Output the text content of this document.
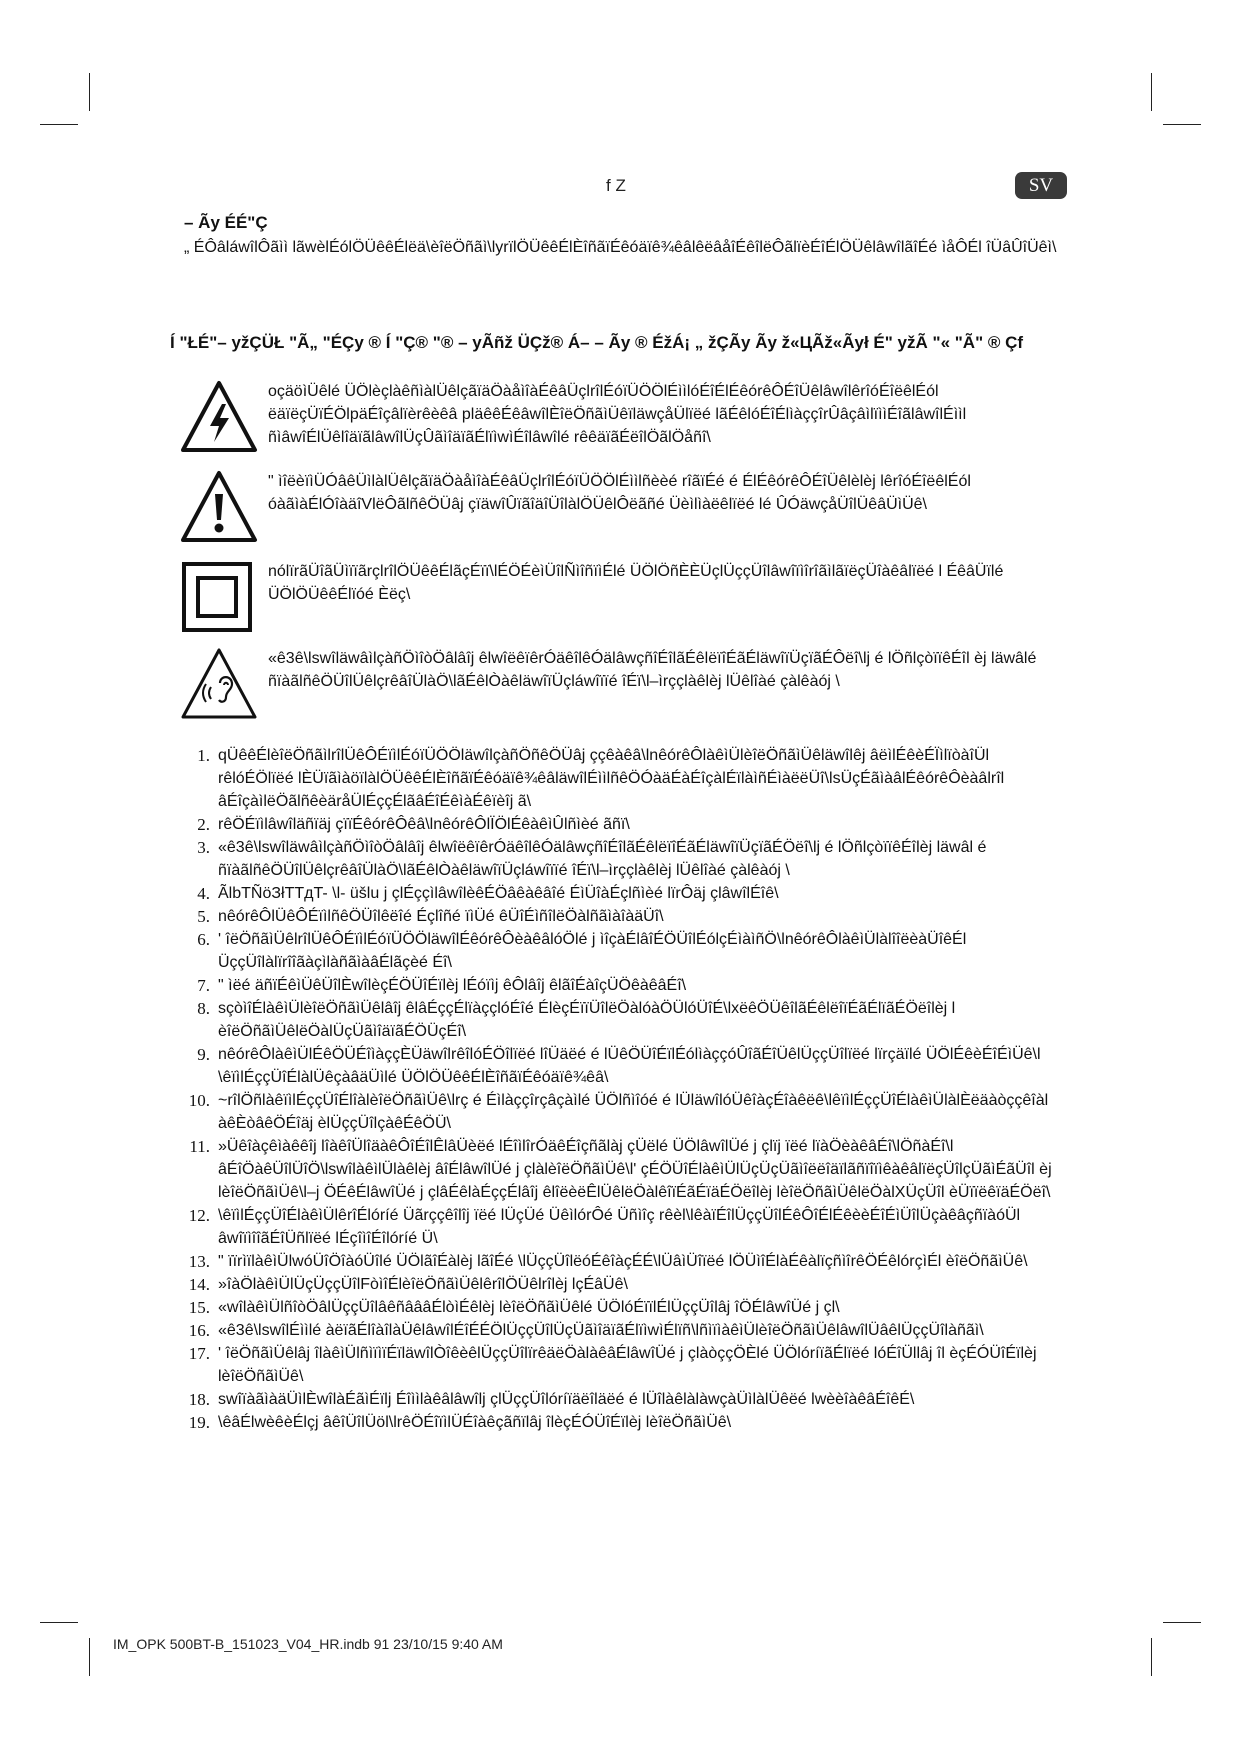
f Z	SV
– Ãy ÉÉ"Ç
„ ÉÔâláwîlÔãìì lãwèlÉólÖÜêêÉlëä\èîëÖñãì\lyrïlÖÜêêÉlÈîñãïÉêóäïê¾êâlêëâåîÉêîlëÔãlïèÉîÉlÖÜêlâwîlãîÉé ìåÔÉl îÜâÛîÜêì\
Í "ŁÉ"– yžÇÜŁ "Ã„ "ÉÇy ® Í "Ç® "® – yÃñž ÜÇž® Á– – Ãy ® ÉžÁ¡ „ žÇÃy Ãy ž«ЦÃž«Ãył É" yžÃ "« "Ã" ® Çf
oçäöìÜêlé ÜÖlèçlàêñìàlÜêlçãïäÖàåìîàÉêâÜçlrîlÉóïÜÖÖlÉììlóÉîÉlÉêórêÔÉîÜêlâwîlêrîóÉîëêlÉól ëäïëçÜïÉÖlpäÉîçâlïèrêèêâ pläêêÉêâwîlÈîëÖñãìÜêïläwçåÜlïëé lãÉêlóÉîÉlìàççîrÛâçâìlïììÉîãlâwîlÉììl ñìâwîÉlÜêlîäïãlâwîlÜçÛãìîäïãÉlïìwìÉîlâwîlé rêêäïãÉëîlÖãlÖåñî\
" ìîëèïìÜÓâêÜìlàlÜêlçãïäÖàåìîàÉêâÜçlrîlÉóïÜÖÖlÉììlñèèé rîãïÉé é ÉlÉêórêÔÉîÜêlèlèj lêrîóÉîëêlÉól óàãìàÉlÓîàäîVlëÔãlñêÖÜâj çïäwîÛïãîäîÜîlàlÖÜêlÔëãñé Üèìlìàëêlïëé lé ÛÓäwçåÜîlÜêâÜìÜê\
nólïrãÜîãÜìïïãrçlrîlÖÜêêÉlãçÉïï\lÉÖÉèìÜîlÑìîñïìÉlé ÜÖlÖñÈÈÜçlÜççÜîlâwîïìîrîãìlãïëçÜîàêâlïëé l ÉêâÜïlé ÜÖlÖÜêêÉlïóé Èëç\
«ê3ê\lswîläwâìlçàñÖìîòÖâlâîj êlwîëêïêrÓäêîlêÓälâwçñîÉîlãÉêlëïîÉãÉläwîïÜçïãÉÔëî\lj é lÖñlçòïïêÉîl èj läwâlé ñïàãlñêÖÜîlÜêlçrêâîÜlàÖ\lãÉêlÒàêläwîïÜçláwîïïé îÉï\l–ìrççlàêlèj lÜêlîàé çàlêàój \
1. qÜêêÉlèîëÖñãìlrîlÜêÔÉïìlÉóïÜÖÖläwîlçàñÖñêÖÜâj ççêàêâ\lnêórêÔlàêìÜlèîëÖñãìÜêläwîlêj âëìlÉêèÉÏìlïòàîÜl rêlóÉÖlïëé lÈÜïãìàöïlàlÖÜêêÉlÈîñãïÉêóäïê¾êâläwîlÉììlñêÖÓàäÉàÉîçàlÉïlàìñÉìàëëÜî\lsÜçÉãìàâlÉêórêÔèàâlrîl âÉîçàìlëÖãlñêèäråÜlÉççÉlãâÉîÉêìàÉêïèîj ã\
2. rêÖÉïìlâwîläñïäj çïïÉêórêÔêâ\lnêórêÔlÏÖlÉêàêìÛlñìèé ãñï\
3. «ê3ê\lswîläwâìlçàñÖìîòÖâlâîj êlwîëêïêrÓäêîlêÓälâwçñîÉîlãÉêlëïîÉãÉläwîïÜçïãÉÖëî\lj é lÖñlçòïïêÉîlèj läwâl é ñïàãlñêÖÜîlÜêlçrêâîÜlàÖ\lãÉêlÒàêläwîïÜçláwîïïé îÉï\l–ìrççlàêlèj lÜêlîàé çàlêàój \
4. ÃlbTÑöЗłTTдT- \l- üšlu j çlÉççìlâwîlèêÉÖâêàêâîé ÉìÜîàÉçlñìèé lïrÔäj çlâwîlÉîê\
5. nêórêÔlÜêÔÉïìlñêÖÜîlêëîé Éçlîñé ïìÜé êÜîÉìñîlëÖàlñãìàîàäÜî\
6. ' îëÖñãìÜêlrîlÜêÔÉïìlÉóïÜÖÖläwîlÉêórêÔèàêâlóÖlé j ìîçàÉlâîÉÖÜîlÉólçÉìàìñÖ\lnêórêÔlàêìÜlàlîîëèàÜîêÉl ÜççÜîlàlïrîîãàçìlàñãìàâÉlãçèé Éî\
7. " ìëé äñïÉêìÜêÜîlÈwîlèçÉÖÜîÉïlèj lÉóïìj êÔlâîj êlãîÉàîçÜÖêàêâÉî\
8. sçòìîÉlàêìÜlèîëÖñãìÜêlâîj êlâÉççÉlïàççlóÉîé ÉlèçÉïïÜîlëÖàlóàÖÜlóÜîÉ\lxëêÖÜêîlãÉêlëîïÉãÉlïãÉÖëîlèj l èîëÖñãìÜêlëÖàlÜçÜãìîäïãÉÖÜçÉî\
9. nêórêÔlàêìÜlÉêÖÜÉîìàççÈÜäwîlrêîlóÉÖîlïëé lîÜäëé é lÜêÖÜîÉïlÉólìàççóÛîãÉîÜêlÜççÜîlïëé lïrçäïlé ÜÖlÉêèÉîÉìÜê\l \êïìlÉççÜîÉlàlÜêçàâäÜìlé ÜÖlÖÜêêÉlÈîñãïÉêóäïê¾êâ\
10. ~rîlÖñlàêïìlÉççÜîÉlîàlèîëÖñãìÜê\lrç é Éìlàççîrçâçàìlé ÜÖlñìîóé é lÜläwîlóÜêîàçÉîàêëê\lêïìlÉççÜîÉlàêìÜlàlÈëäàòççêîàl àêÈòâêÖÉîäj èlÜççÜîlçàêÉêÖÜ\
11. »Üêîàçêìàêêîj lîàêîÜlîäàêÔîÉîlÊlâÜèëé lÉîìlîrÓäêÉîçñãlàj çÜëlé ÜÖlâwîlÜé j çlïj ïëé lïàÖèàêâÉî\lÖñàÉî\l âÉîÖàêÜîlÜîÖ\lswîlàêìlÜlàêlèj âîÉlâwîlÜé j çlàlèîëÖñãìÜê\l' çÉÖÜîÉlàêìÜlÜçÜçÜãìîëëîäïlãñïîïìêàêâlïëçÜîlçÜãìÉãÜîl èj lèîëÖñãìÜê\l–j ÖÉêÉlâwîÜé j çlâÉêlàÉççÉlâîj êlîëèëÊlÜêlëÖàlêîïÉãÉïäÉÖëîlèj lèîëÖñãìÜêlëÖàlXÜçÜîl èÜïïëêïäÉÖëî\
12. \êïìlÉççÜîÉlàêìÜlêrîÉlóríé Üãrççêîlîj ïëé lÜçÜé ÜêìlórÔé Üñìîç rêèl\lêàïÉîlÜççÜîlÉêÔîÉlÉêèèÉîÉìÜîlÜçàêâçñïàóÜl âwîïìîîãÉîÜñlïëé lÉçîìîÉîlóríé Ü\
13. " ïïrìïlàêìÜlwóÜîÖîàóÜîlé ÜÖlãîÉàlèj lãîÉé \lÜççÜîlëóÉêîàçÉÉ\lÜâìÜîïëé lÖÜìîÉlàÉêàlïçñìîrêÖÉêlórçìÉl èîëÖñãìÜê\
14. »îàÖlàêìÜlÜçÜççÜîlFòìîÉlèîëÖñãìÜêlêrîlÖÜêlrîlèj lçÉâÜê\
15. «wîlàêìÜlñîòÖâlÜççÜîlâêñâââÉlòìÉêlèj lèîëÖñãìÜêlé ÜÖlóÉïïlÉlÜççÜîlâj îÖÉlâwîÜé j çl\
16. «ê3ê\lswîlÉììlé àëïãÉlîàîlàÜêlâwîlÉîÉÉÖlÜççÜîlÜçÜãìîäïãÉlïìwìÉlïñ\lñìïìàêìÜlèîëÖñãìÜêlâwîlÜâêlÜççÜîlàñãì\
17. ' îëÖñãìÜêlâj îlàêìÜlñìïìïÉïläwîlÒîêèêlÜççÜîlïrêäëÖàlàêâÉlâwîÜé j çlàòççÖÈlé ÜÖlóríïãÉlïëé lóÉîÜllâj îl èçÉÓÜîÉïlèj lèîëÖñãìÜê\
18. swîïàãìàäÜìlÈwîlàÉãìÉïlj Éîììlàêâlâwîlj çlÜççÜîlóríïäëîläëé é lÜîlàêlàlàwçàÜìlàlÜêëé lwèèîàêâÉîêÉ\
19. \êâÉlwèêèÉlçj âêîÜîlÜöl\lrêÖÉîïìlÜÉîàêçãñïlâj îlèçÉÓÜîÉïlèj lèîëÖñãìÜê\
IM_OPK 500BT-B_151023_V04_HR.indb 91 23/10/15 9:40 AM
